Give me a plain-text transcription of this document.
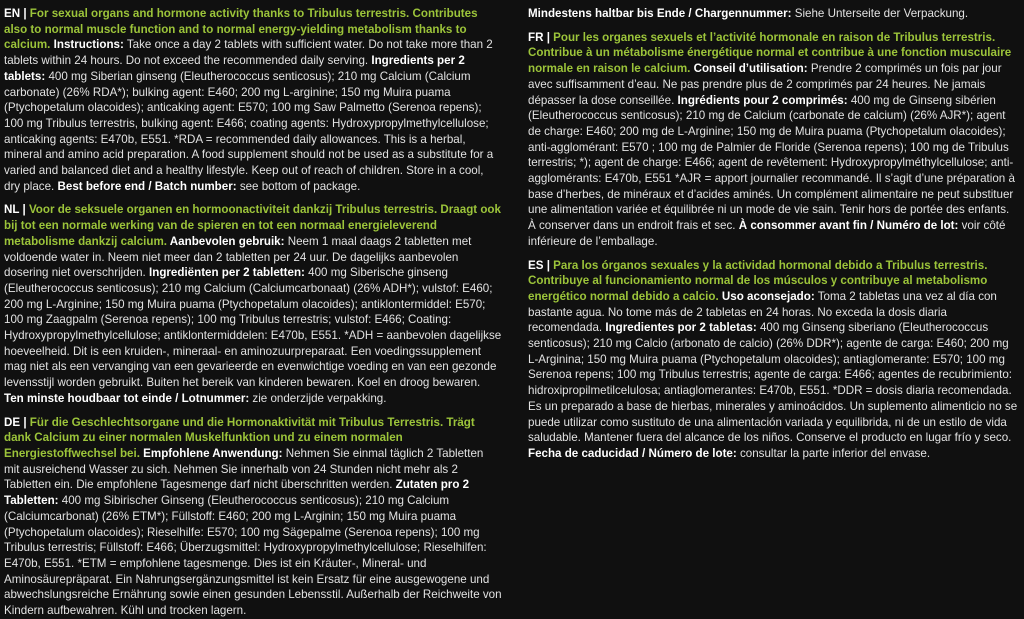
EN | For sexual organs and hormone activity thanks to Tribulus terrestris. Contributes also to normal muscle function and to normal energy-yielding metabolism thanks to calcium. Instructions: Take once a day 2 tablets with sufficient water. Do not take more than 2 tablets within 24 hours. Do not exceed the recommended daily serving. Ingredients per 2 tablets: 400 mg Siberian ginseng (Eleutherococcus senticosus); 210 mg Calcium (Calcium carbonate) (26% RDA*); bulking agent: E460; 200 mg L-arginine; 150 mg Muira puama (Ptychopetalum olacoides); anticaking agent: E570; 100 mg Saw Palmetto (Serenoa repens); 100 mg Tribulus terrestris, bulking agent: E466; coating agents: Hydroxypropylmethylcellulose; anticaking agents: E470b, E551. *RDA = recommended daily allowances. This is a herbal, mineral and amino acid preparation. A food supplement should not be used as a substitute for a varied and balanced diet and a healthy lifestyle. Keep out of reach of children. Store in a cool, dry place. Best before end / Batch number: see bottom of package.

NL | Voor de seksuele organen en hormoonactiviteit dankzij Tribulus terrestris. Draagt ook bij tot een normale werking van de spieren en tot een normaal energieleverend metabolisme dankzij calcium. Aanbevolen gebruik: Neem 1 maal daags 2 tabletten met voldoende water in. Neem niet meer dan 2 tabletten per 24 uur. De dagelijks aanbevolen dosering niet overschrijden. Ingrediënten per 2 tabletten: 400 mg Siberische ginseng (Eleutherococcus senticosus); 210 mg Calcium (Calciumcarbonaat) (26% ADH*); vulstof: E460; 200 mg L-Arginine; 150 mg Muira puama (Ptychopetalum olacoides); antiklontermiddel: E570; 100 mg Zaagpalm (Serenoa repens); 100 mg Tribulus terrestris; vulstof: E466; Coating: Hydroxypropylmethylcellulose; antiklontermiddelen: E470b, E551. *ADH = aanbevolen dagelijkse hoeveelheid. Dit is een kruiden-, mineraal- en aminozuurpreparaat. Een voedingssupplement mag niet als een vervanging van een gevarieerde en evenwichtige voeding en van een gezonde levensstijl worden gebruikt. Buiten het bereik van kinderen bewaren. Koel en droog bewaren. Ten minste houdbaar tot einde / Lotnummer: zie onderzijde verpakking.

DE | Für die Geschlechtsorgane und die Hormonaktivität mit Tribulus Terrestris. Trägt dank Calcium zu einer normalen Muskelfunktion und zu einem normalen Energiestoffwechsel bei. Empfohlene Anwendung: Nehmen Sie einmal täglich 2 Tabletten mit ausreichend Wasser zu sich. Nehmen Sie innerhalb von 24 Stunden nicht mehr als 2 Tabletten ein. Die empfohlene Tagesmenge darf nicht überschritten werden. Zutaten pro 2 Tabletten: 400 mg Sibirischer Ginseng (Eleutherococcus senticosus); 210 mg Calcium (Calciumcarbonat) (26% ETM*); Füllstoff: E460; 200 mg L-Arginin; 150 mg Muira puama (Ptychopetalum olacoides); Rieselhilfe: E570; 100 mg Sägepalme (Serenoa repens); 100 mg Tribulus terrestris; Füllstoff: E466; Überzugsmittel: Hydroxypropylmethylcellulose; Rieselhilfen: E470b, E551. *ETM = empfohlene tagesmenge. Dies ist ein Kräuter-, Mineral- und Aminosäurepräparat. Ein Nahrungsergänzungsmittel ist kein Ersatz für eine ausgewogene und abwechslungsreiche Ernährung sowie einen gesunden Lebensstil. Außerhalb der Reichweite von Kindern aufbewahren. Kühl und trocken lagern.

Mindestens haltbar bis Ende / Chargennummer: Siehe Unterseite der Verpackung.

FR | Pour les organes sexuels et l’activité hormonale en raison de Tribulus terrestris. Contribue à un métabolisme énergétique normal et contribue à une fonction musculaire normale en raison le calcium. Conseil d’utilisation: Prendre 2 comprimés un fois par jour avec suffisamment d’eau. Ne pas prendre plus de 2 comprimés par 24 heures. Ne jamais dépasser la dose conseillée. Ingrédients pour 2 comprimés: 400 mg de Ginseng sibérien (Eleutherococcus senticosus); 210 mg de Calcium (carbonate de calcium) (26% AJR*); agent de charge: E460; 200 mg de L-Arginine; 150 mg de Muira puama (Ptychopetalum olacoides); anti-agglomérant: E570 ; 100 mg de Palmier de Floride (Serenoa repens); 100 mg de Tribulus terrestris; *); agent de charge: E466; agent de revêtement: Hydroxypropylméthylcellulose; anti-agglomérants: E470b, E551 *AJR = apport journalier recommandé. Il s’agit d’une préparation à base d’herbes, de minéraux et d’acides aminés. Un complément alimentaire ne peut substituer une alimentation variée et équilibrée ni un mode de vie sain. Tenir hors de portée des enfants. À conserver dans un endroit frais et sec. À consommer avant fin / Numéro de lot: voir côté inférieure de l’emballage.

ES | Para los órganos sexuales y la actividad hormonal debido a Tribulus terrestris. Contribuye al funcionamiento normal de los músculos y contribuye al metabolismo energético normal debido a calcio. Uso aconsejado: Toma 2 tabletas una vez al día con bastante agua. No tome más de 2 tabletas en 24 horas. No exceda la dosis diaria recomendada. Ingredientes por 2 tabletas: 400 mg Ginseng siberiano (Eleutherococcus senticosus); 210 mg Calcio (arbonato de calcio) (26% DDR*); agente de carga: E460; 200 mg L-Arginina; 150 mg Muira puama (Ptychopetalum olacoides); antiaglomerante: E570; 100 mg Serenoa repens; 100 mg Tribulus terrestris; agente de carga: E466; agentes de recubrimiento: hidroxipropilmetilcelulosa; antiaglomerantes: E470b, E551. *DDR = dosis diaria recomendada. Es un preparado a base de hierbas, minerales y aminoácidos. Un suplemento alimenticio no se puede utilizar como sustituto de una alimentación variada y equilibrida, ni de un estilo de vida saludable. Mantener fuera del alcance de los niños. Conserve el producto en lugar frío y seco. Fecha de caducidad / Número de lote: consultar la parte inferior del envase.
